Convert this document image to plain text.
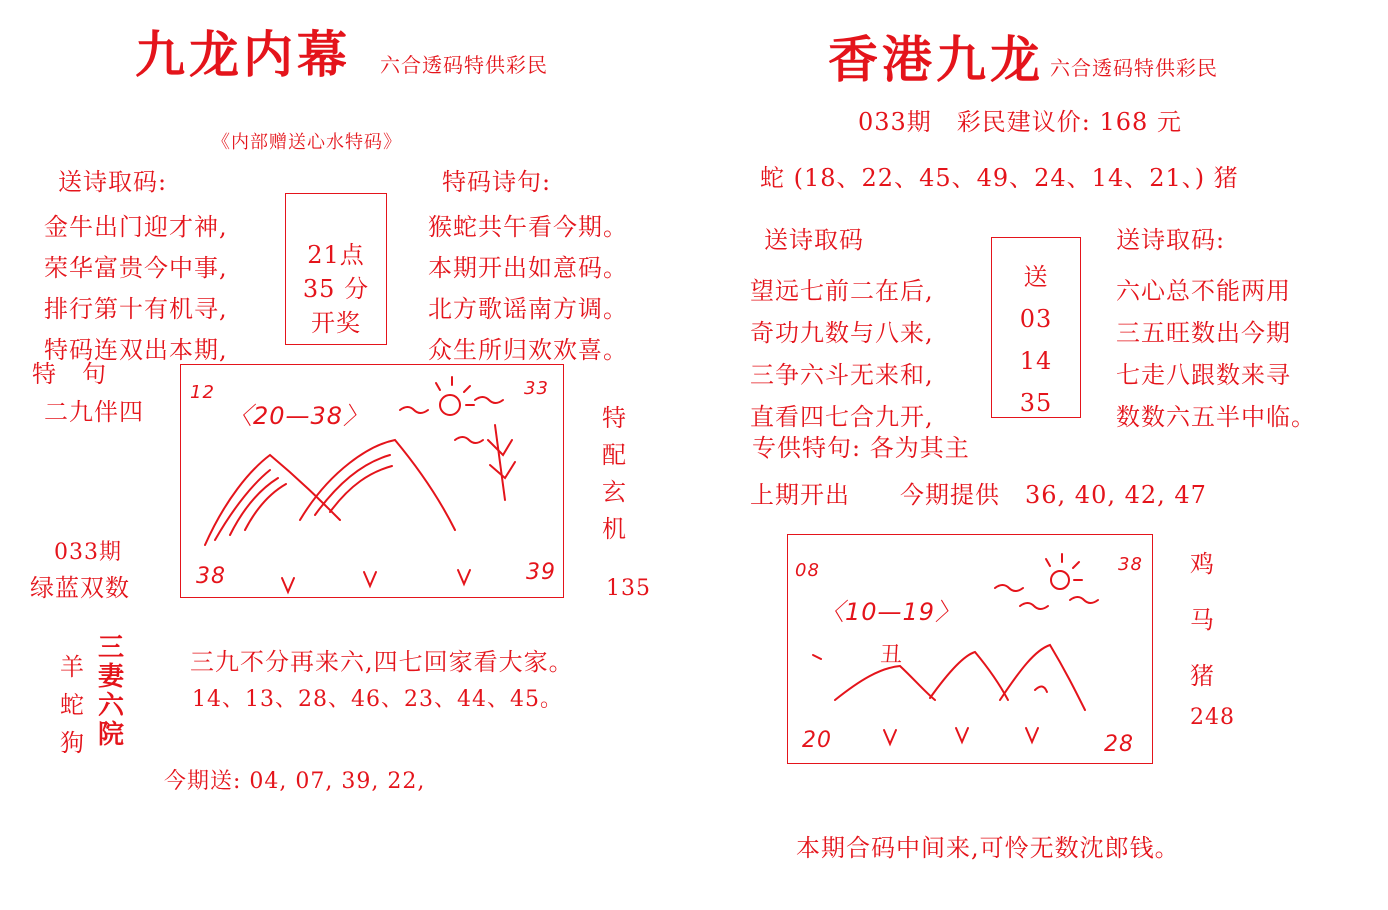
九龙内幕 六合透码特供彩民
《内部赠送心水特码》
送诗取码:
金牛出门迎才神,
荣华富贵今中事,
排行第十有机寻,
特码连双出本期,
21点
35 分
开奖
特码诗句:
猴蛇共午看今期。
本期开出如意码。
北方歌谣南方调。
众生所归欢欢喜。
特　句
二九伴四
033期
绿蓝双数
12	33
38	39
〈20—38〉	特
配
玄
机
135
羊
蛇
狗
三
妻
六
院
三九不分再来六,四七回家看大家。
14、13、28、46、23、44、45。
今期送: 04, 07, 39, 22,
香港九龙 六合透码特供彩民
033期　彩民建议价: 168 元
蛇 (18、22、45、49、24、14、21、) 猪
送诗取码
望远七前二在后,
奇功九数与八来,
三争六斗无来和,
直看四七合九开,
送
03
14
35
送诗取码:
六心总不能两用
三五旺数出今期
七走八跟数来寻
数数六五半中临。
专供特句: 各为其主
上期开出　　今期提供　36, 40, 42, 47
08	38
20	28
〈10—19〉
丑
鸡
马
猪
248
本期合码中间来,可怜无数沈郎钱。
